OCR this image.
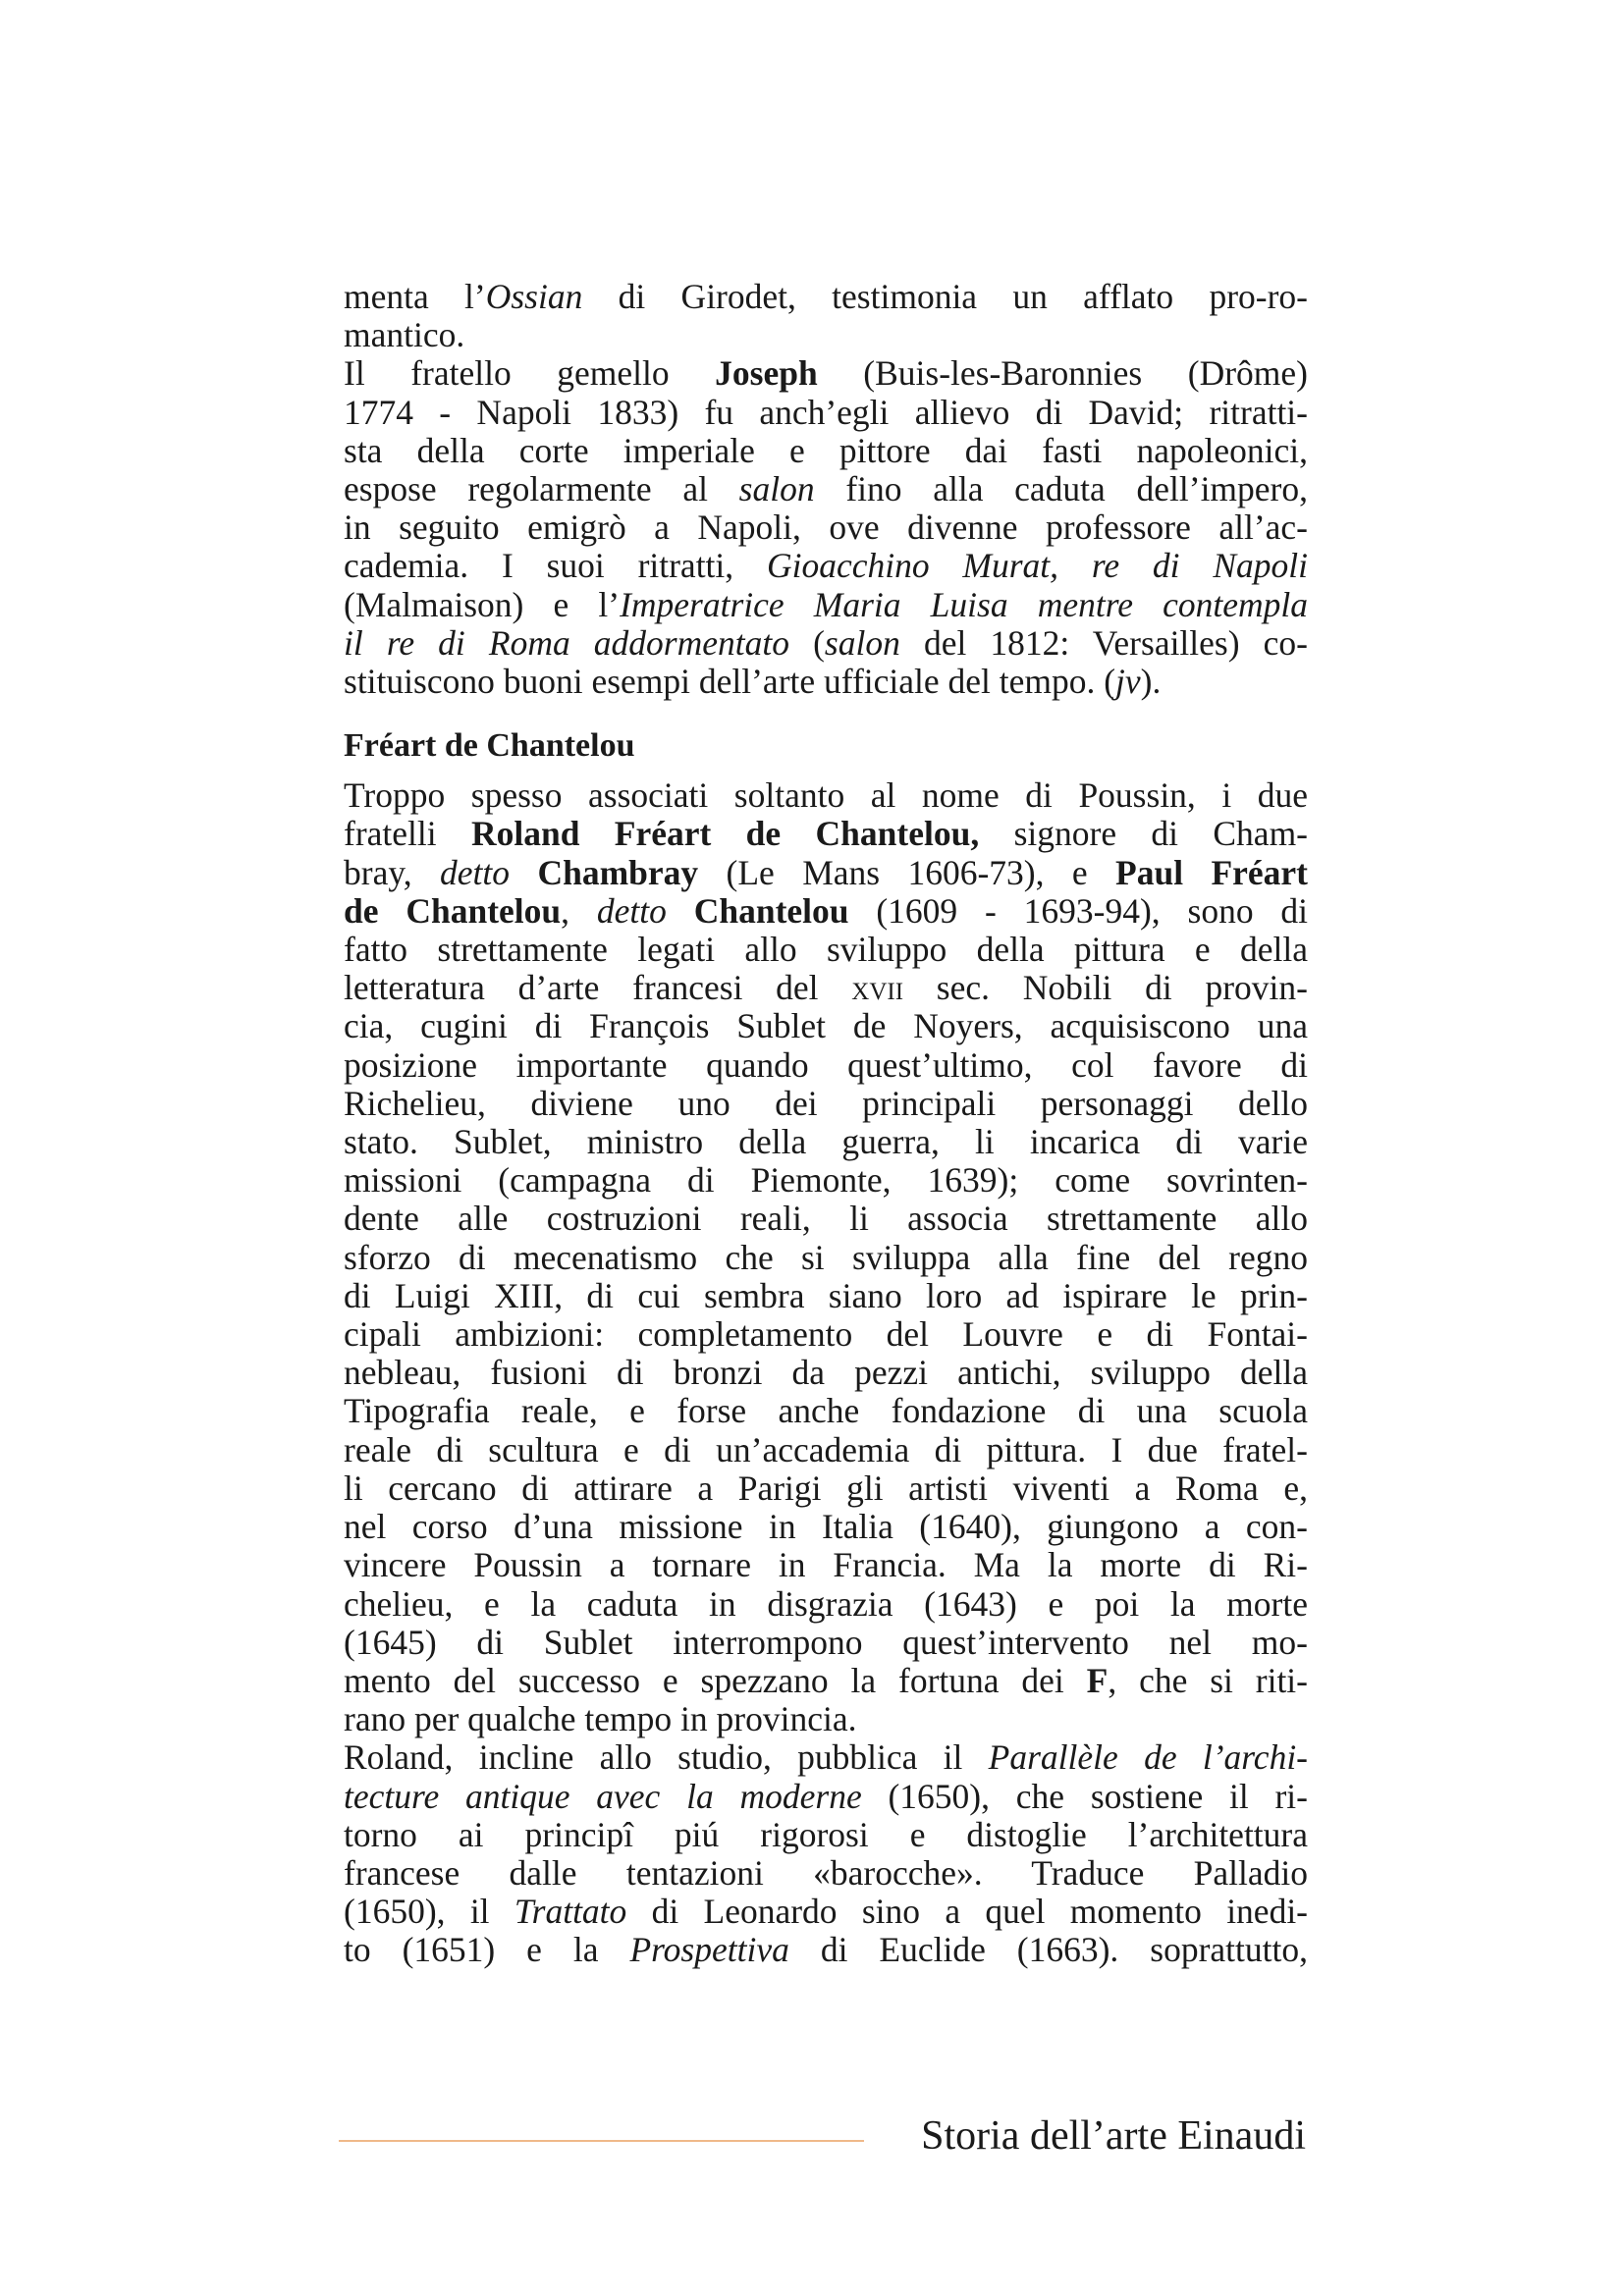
menta l’Ossian di Girodet, testimonia un afflato pro-ro-
mantico.
Il fratello gemello Joseph (Buis-les-Baronnies (Drôme)
1774 - Napoli 1833) fu anch’egli allievo di David; ritratti-
sta della corte imperiale e pittore dai fasti napoleonici,
espose regolarmente al salon fino alla caduta dell’impero,
in seguito emigrò a Napoli, ove divenne professore all’ac-
cademia. I suoi ritratti, Gioacchino Murat, re di Napoli
(Malmaison) e l’Imperatrice Maria Luisa mentre contempla
il re di Roma addormentato (salon del 1812: Versailles) co-
stituiscono buoni esempi dell’arte ufficiale del tempo. (jv).
Fréart de Chantelou
Troppo spesso associati soltanto al nome di Poussin, i due
fratelli Roland Fréart de Chantelou, signore di Cham-
bray, detto Chambray (Le Mans 1606-73), e Paul Fréart
de Chantelou, detto Chantelou (1609 - 1693-94), sono di
fatto strettamente legati allo sviluppo della pittura e della
letteratura d’arte francesi del xvii sec. Nobili di provin-
cia, cugini di François Sublet de Noyers, acquisiscono una
posizione importante quando quest’ultimo, col favore di
Richelieu, diviene uno dei principali personaggi dello
stato. Sublet, ministro della guerra, li incarica di varie
missioni (campagna di Piemonte, 1639); come sovrinten-
dente alle costruzioni reali, li associa strettamente allo
sforzo di mecenatismo che si sviluppa alla fine del regno
di Luigi XIII, di cui sembra siano loro ad ispirare le prin-
cipali ambizioni: completamento del Louvre e di Fontai-
nebleau, fusioni di bronzi da pezzi antichi, sviluppo della
Tipografia reale, e forse anche fondazione di una scuola
reale di scultura e di un’accademia di pittura. I due fratel-
li cercano di attirare a Parigi gli artisti viventi a Roma e,
nel corso d’una missione in Italia (1640), giungono a con-
vincere Poussin a tornare in Francia. Ma la morte di Ri-
chelieu, e la caduta in disgrazia (1643) e poi la morte
(1645) di Sublet interrompono quest’intervento nel mo-
mento del successo e spezzano la fortuna dei F, che si riti-
rano per qualche tempo in provincia.
Roland, incline allo studio, pubblica il Parallèle de l’archi-
tecture antique avec la moderne (1650), che sostiene il ri-
torno ai principî piú rigorosi e distoglie l’architettura
francese dalle tentazioni «barocche». Traduce Palladio
(1650), il Trattato di Leonardo sino a quel momento inedi-
to (1651) e la Prospettiva di Euclide (1663). soprattutto,
Storia dell’arte Einaudi
